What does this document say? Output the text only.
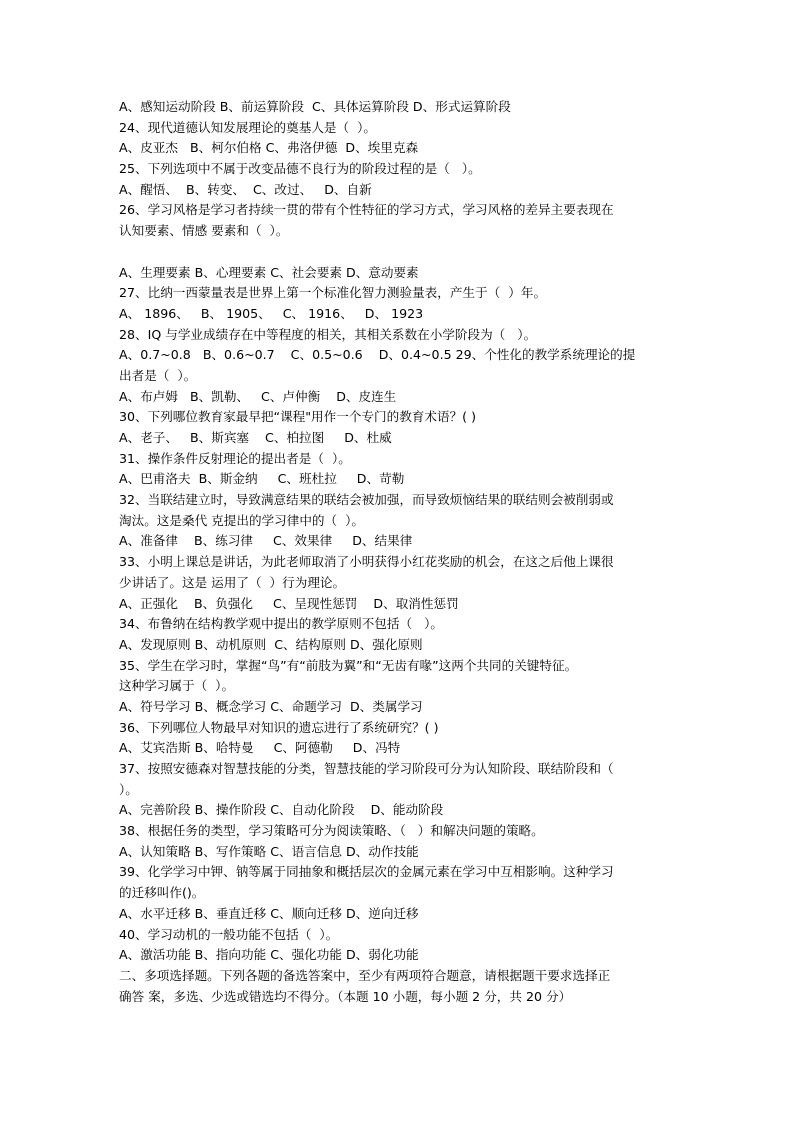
A、感知运动阶段 B、前运算阶段  C、具体运算阶段 D、形式运算阶段
24、现代道德认知发展理论的奠基人是（  ）。
A、皮亚杰   B、柯尔伯格 C、弗洛伊德  D、埃里克森
25、下列选项中不属于改变品德不良行为的阶段过程的是（   ）。
A、醒悟、  B、转变、  C、改过、   D、自新
26、学习风格是学习者持续一贯的带有个性特征的学习方式，学习风格的差异主要表现在
认知要素、情感 要素和（  ）。
A、生理要素 B、心理要素 C、社会要素 D、意动要素
27、比纳一西蒙量表是世界上第一个标准化智力测验量表，产生于（  ）年。
A、 1896、   B、 1905、   C、 1916、   D、 1923
28、IQ 与学业成绩存在中等程度的相关，其相关系数在小学阶段为（   ）。
A、0.7~0.8   B、0.6~0.7    C、0.5~0.6    D、0.4~0.5 29、个性化的教学系统理论的提
出者是（  ）。
A、布卢姆   B、凯勒、   C、卢仲衡    D、皮连生
30、下列哪位教育家最早把“课程"用作一个专门的教育术语？( )
A、老子、   B、斯宾塞    C、柏拉图     D、杜威
31、操作条件反射理论的提出者是（  ）。
A、巴甫洛夫  B、斯金纳     C、班杜拉     D、苛勒
32、当联结建立时，导致满意结果的联结会被加强，而导致烦恼结果的联结则会被削弱或
淘汰。这是桑代 克提出的学习律中的（  ）。
A、准备律    B、练习律     C、效果律     D、结果律
33、小明上课总是讲话，为此老师取消了小明获得小红花奖励的机会，在这之后他上课很
少讲话了。这是 运用了（  ）行为理论。
A、正强化    B、负强化     C、呈现性惩罚    D、取消性惩罚
34、布鲁纳在结构教学观中提出的教学原则不包括（   ）。
A、发现原则 B、动机原则  C、结构原则 D、强化原则
35、学生在学习时，掌握“鸟”有“前肢为翼”和“无齿有喙”这两个共同的关键特征。
这种学习属于（  ）。
A、符号学习 B、概念学习 C、命题学习  D、类属学习
36、下列哪位人物最早对知识的遗忘进行了系统研究？( )
A、艾宾浩斯 B、哈特曼     C、阿德勒     D、冯特
37、按照安德森对智慧技能的分类，智慧技能的学习阶段可分为认知阶段、联结阶段和（
）。
A、完善阶段 B、操作阶段 C、自动化阶段    D、能动阶段
38、根据任务的类型，学习策略可分为阅读策略、（   ）和解决问题的策略。
A、认知策略 B、写作策略 C、语言信息 D、动作技能
39、化学学习中钾、钠等属于同抽象和概括层次的金属元素在学习中互相影响。这种学习
的迁移叫作()。
A、水平迁移 B、垂直迁移 C、顺向迁移 D、逆向迁移
40、学习动机的一般功能不包括（  ）。
A、激活功能 B、指向功能 C、强化功能 D、弱化功能
二、多项选择题。下列各题的备选答案中，至少有两项符合题意，请根据题干要求选择正
确答 案，多选、少选或错选均不得分。（本题 10 小题，每小题 2 分，共 20 分）
